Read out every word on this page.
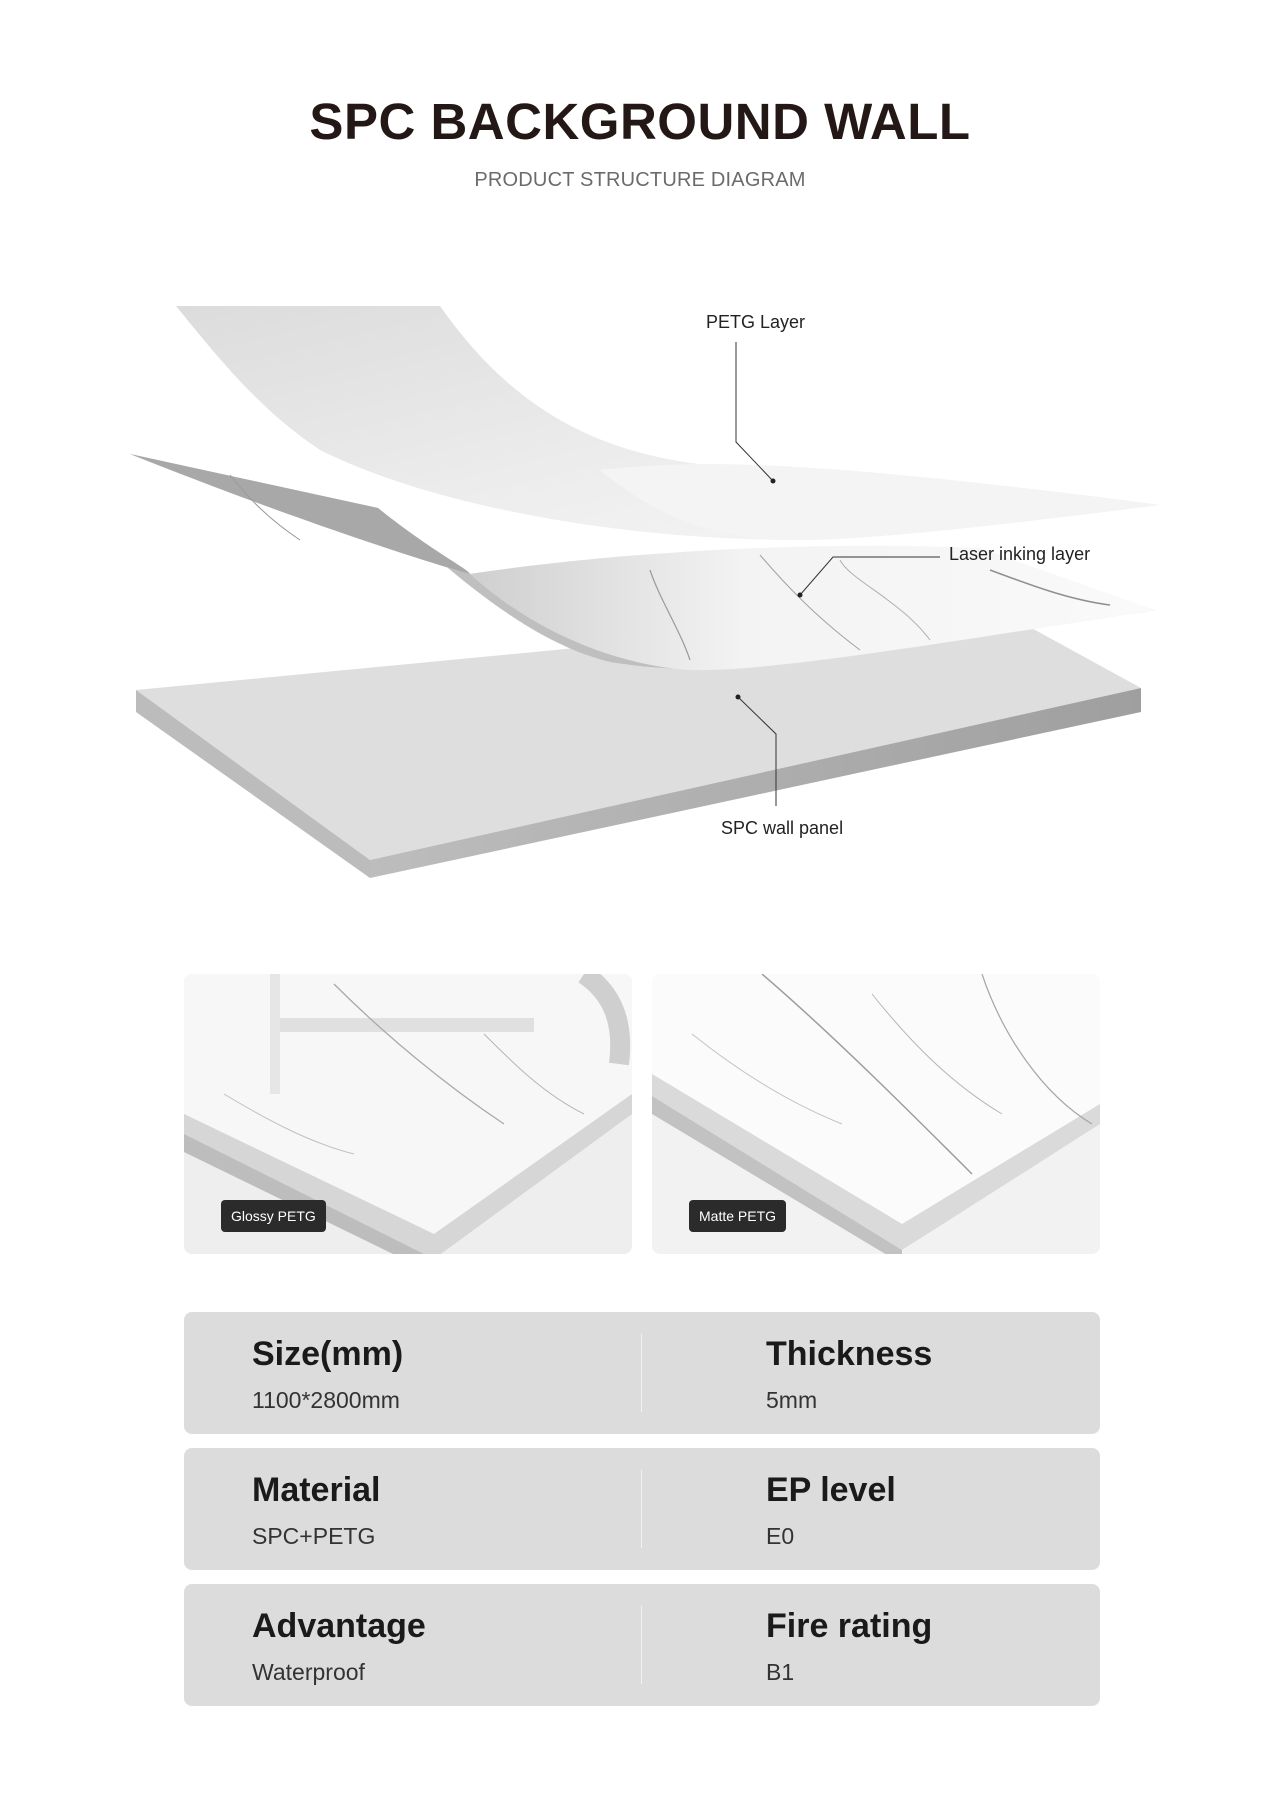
SPC BACKGROUND WALL
PRODUCT STRUCTURE DIAGRAM
PETG Layer
Laser inking layer
SPC wall panel
Glossy PETG	Matte PETG
Size(mm)
1100*2800mm
Thickness
5mm
Material
SPC+PETG
EP level
E0
Advantage
Waterproof
Fire rating
B1
